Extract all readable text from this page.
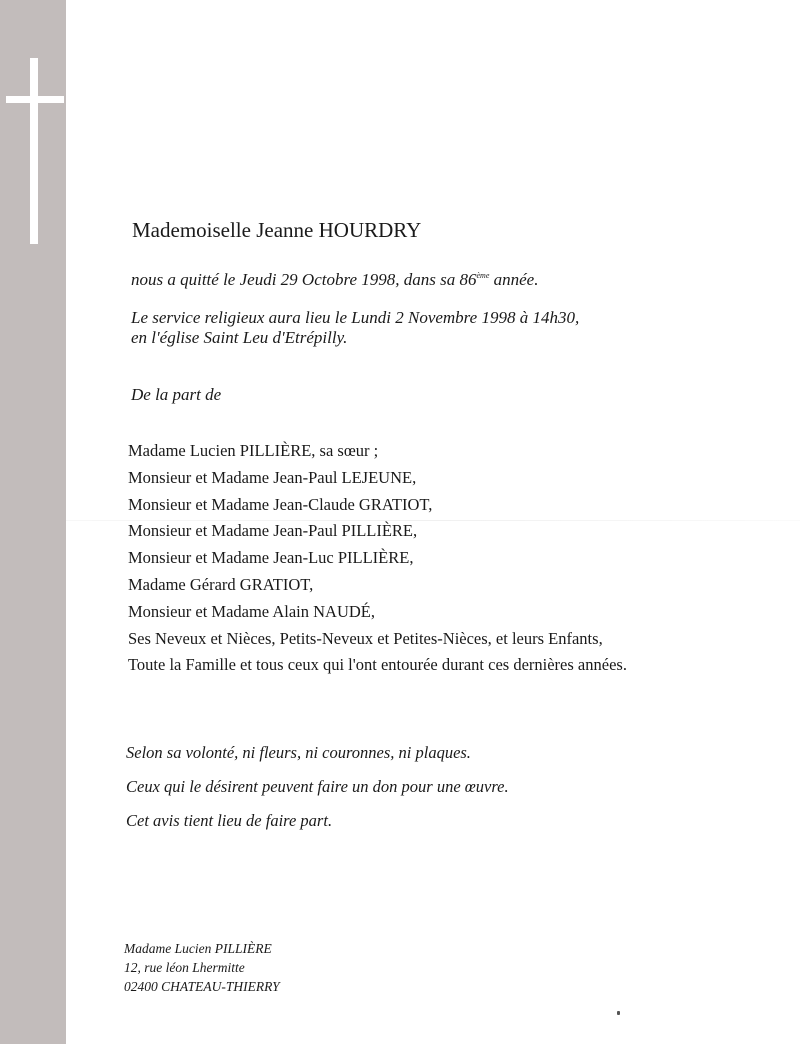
Mademoiselle Jeanne HOURDRY
nous a quitté le Jeudi 29 Octobre 1998, dans sa 86ème année.
Le service religieux aura lieu le Lundi 2 Novembre 1998 à 14h30,
en l'église Saint Leu d'Etrépilly.
De la part de
Madame Lucien PILLIÈRE, sa sœur ;
Monsieur et Madame Jean-Paul LEJEUNE,
Monsieur et Madame Jean-Claude GRATIOT,
Monsieur et Madame Jean-Paul PILLIÈRE,
Monsieur et Madame Jean-Luc PILLIÈRE,
Madame Gérard GRATIOT,
Monsieur et Madame Alain NAUDÉ,
Ses Neveux et Nièces, Petits-Neveux et Petites-Nièces, et leurs Enfants,
Toute la Famille et tous ceux qui l'ont entourée durant ces dernières années.
Selon sa volonté, ni fleurs, ni couronnes, ni plaques.
Ceux qui le désirent peuvent faire un don pour une œuvre.
Cet avis tient lieu de faire part.
Madame Lucien PILLIÈRE
12, rue léon Lhermitte
02400 CHATEAU-THIERRY
